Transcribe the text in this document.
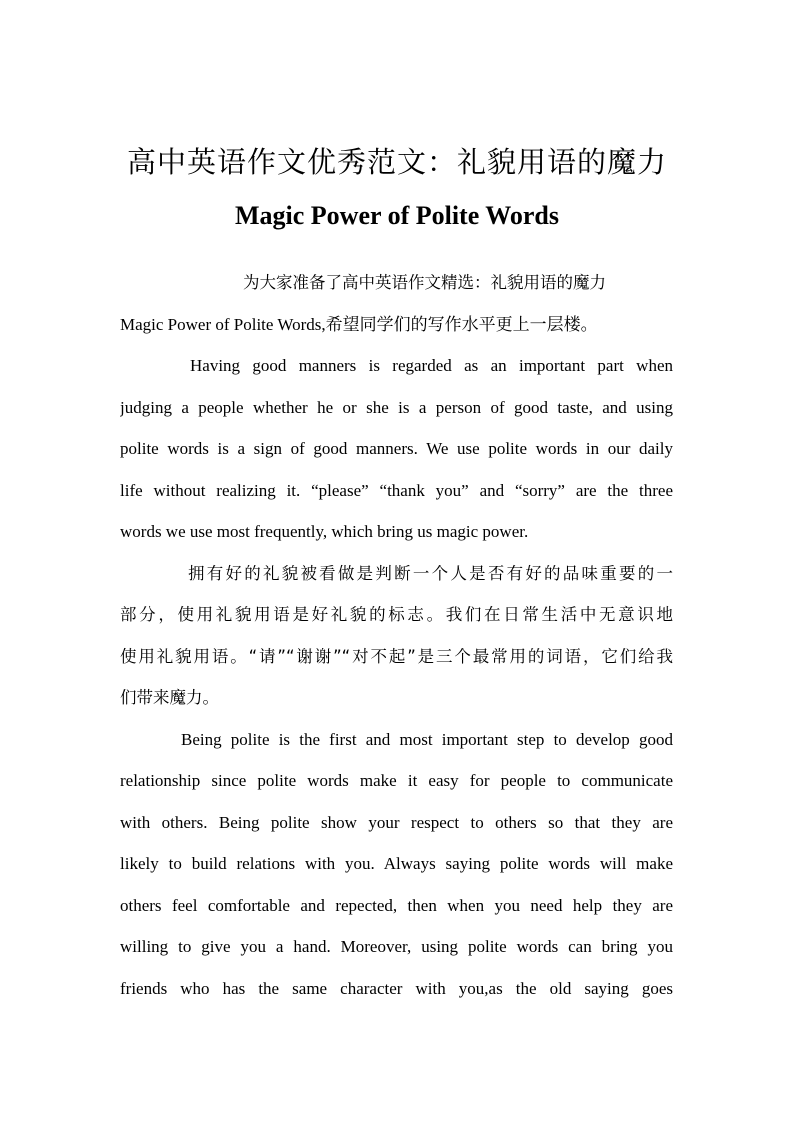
高中英语作文优秀范文：礼貌用语的魔力
Magic Power of Polite Words
为大家准备了高中英语作文精选：礼貌用语的魔力
Magic Power of Polite Words,希望同学们的写作水平更上一层楼。
Having good manners is regarded as an important part when
judging a people whether he or she is a person of good taste, and using
polite words is a sign of good manners. We use polite words in our daily
life without realizing it. “please” “thank you” and “sorry” are the three
words we use most frequently, which bring us magic power.
拥有好的礼貌被看做是判断一个人是否有好的品味重要的一
部分，使用礼貌用语是好礼貌的标志。我们在日常生活中无意识地
使用礼貌用语。“请”“谢谢”“对不起”是三个最常用的词语，它们给我
们带来魔力。
Being polite is the first and most important step to develop good
relationship since polite words make it easy for people to communicate
with others. Being polite show your respect to others so that they are
likely to build relations with you. Always saying polite words will make
others feel comfortable and repected, then when you need help they are
willing to give you a hand. Moreover, using polite words can bring you
friends who has the same character with you,as the old saying goes
